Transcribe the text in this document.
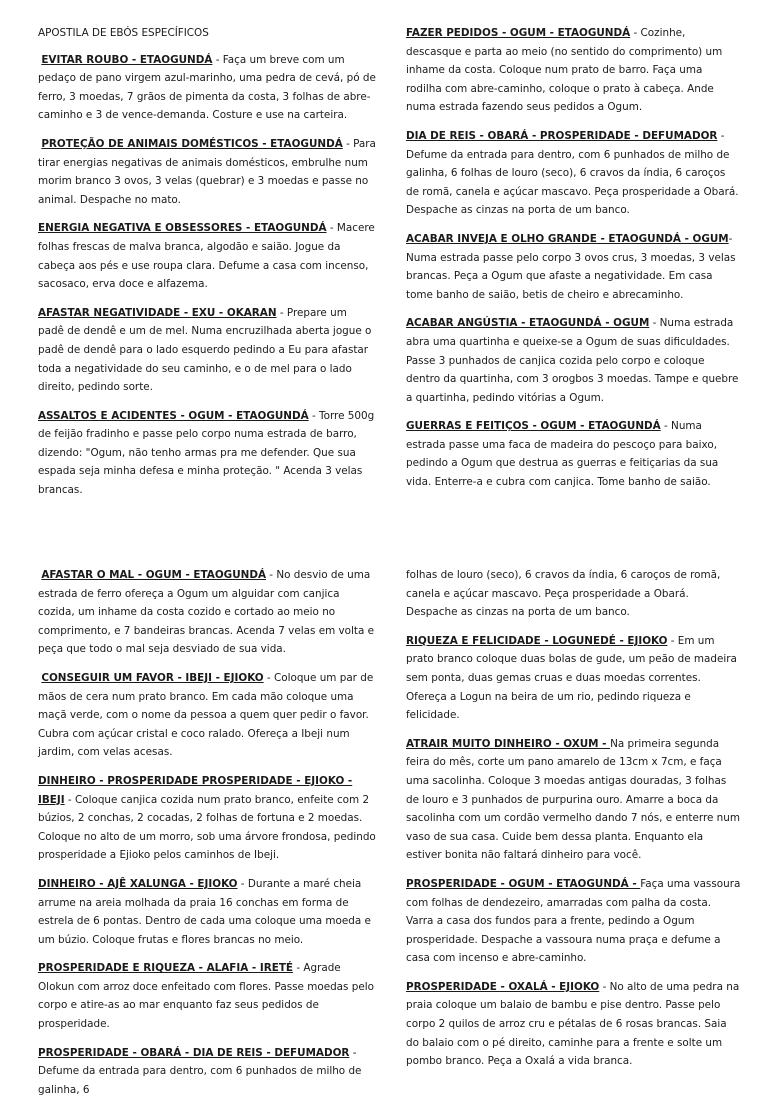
APOSTILA DE EBÓS ESPECÍFICOS
EVITAR ROUBO - ETAOGUNDÁ - Faça um breve com um pedaço de pano virgem azul-marinho, uma pedra de cevá, pó de ferro, 3 moedas, 7 grãos de pimenta da costa, 3 folhas de abre-caminho e 3 de vence-demanda. Costure e use na carteira.
PROTEÇÃO DE ANIMAIS DOMÉSTICOS - ETAOGUNDÁ - Para tirar energias negativas de animais domésticos, embrulhe num morim branco 3 ovos, 3 velas (quebrar) e 3 moedas e passe no animal. Despache no mato.
ENERGIA NEGATIVA E OBSESSORES - ETAOGUNDÁ - Macere folhas frescas de malva branca, algodão e saião. Jogue da cabeça aos pés e use roupa clara. Defume a casa com incenso, sacosaco, erva doce e alfazema.
AFASTAR NEGATIVIDADE - EXU - OKARAN - Prepare um padê de dendê e um de mel. Numa encruzilhada aberta jogue o padê de dendê para o lado esquerdo pedindo a Eu para afastar toda a negatividade do seu caminho, e o de mel para o lado direito, pedindo sorte.
ASSALTOS E ACIDENTES - OGUM - ETAOGUNDÁ - Torre 500g de feijão fradinho e passe pelo corpo numa estrada de barro, dizendo: "Ogum, não tenho armas pra me defender. Que sua espada seja minha defesa e minha proteção. " Acenda 3 velas brancas.
FAZER PEDIDOS - OGUM - ETAOGUNDÁ - Cozinhe, descasque e parta ao meio (no sentido do comprimento) um inhame da costa. Coloque num prato de barro. Faça uma rodilha com abre-caminho, coloque o prato à cabeça. Ande numa estrada fazendo seus pedidos a Ogum.
DIA DE REIS - OBARÁ - PROSPERIDADE - DEFUMADOR - Defume da entrada para dentro, com 6 punhados de milho de galinha, 6 folhas de louro (seco), 6 cravos da índia, 6 caroços de romã, canela e açúcar mascavo. Peça prosperidade a Obará. Despache as cinzas na porta de um banco.
ACABAR INVEJA E OLHO GRANDE - ETAOGUNDÁ - OGUM- Numa estrada passe pelo corpo 3 ovos crus, 3 moedas, 3 velas brancas. Peça a Ogum que afaste a negatividade. Em casa tome banho de saião, betis de cheiro e abrecaminho.
ACABAR ANGÚSTIA - ETAOGUNDÁ - OGUM - Numa estrada abra uma quartinha e queixe-se a Ogum de suas dificuldades. Passe 3 punhados de canjica cozida pelo corpo e coloque dentro da quartinha, com 3 orogbos 3 moedas. Tampe e quebre a quartinha, pedindo vitórias a Ogum.
GUERRAS E FEITIÇOS - OGUM - ETAOGUNDÁ - Numa estrada passe uma faca de madeira do pescoço para baixo, pedindo a Ogum que destrua as guerras e feitiçarias da sua vida. Enterre-a e cubra com canjica. Tome banho de saião.
AFASTAR O MAL - OGUM - ETAOGUNDÁ - No desvio de uma estrada de ferro ofereça a Ogum um alguidar com canjica cozida, um inhame da costa cozido e cortado ao meio no comprimento, e 7 bandeiras brancas. Acenda 7 velas em volta e peça que todo o mal seja desviado de sua vida.
CONSEGUIR UM FAVOR - IBEJI - EJIOKO - Coloque um par de mãos de cera num prato branco. Em cada mão coloque uma maçã verde, com o nome da pessoa a quem quer pedir o favor. Cubra com açúcar cristal e coco ralado. Ofereça a Ibeji num jardim, com velas acesas.
DINHEIRO - PROSPERIDADE PROSPERIDADE - EJIOKO - IBEJI - Coloque canjica cozida num prato branco, enfeite com 2 búzios, 2 conchas, 2 cocadas, 2 folhas de fortuna e 2 moedas. Coloque no alto de um morro, sob uma árvore frondosa, pedindo prosperidade a Ejioko pelos caminhos de Ibeji.
DINHEIRO - AJÊ XALUNGA - EJIOKO - Durante a maré cheia arrume na areia molhada da praia 16 conchas em forma de estrela de 6 pontas. Dentro de cada uma coloque uma moeda e um búzio. Coloque frutas e flores brancas no meio.
PROSPERIDADE E RIQUEZA - ALAFIA - IRETÉ - Agrade Olokun com arroz doce enfeitado com flores. Passe moedas pelo corpo e atire-as ao mar enquanto faz seus pedidos de prosperidade.
PROSPERIDADE - OBARÁ - DIA DE REIS - DEFUMADOR - Defume da entrada para dentro, com 6 punhados de milho de galinha, 6
folhas de louro (seco), 6 cravos da índia, 6 caroços de romã, canela e açúcar mascavo. Peça prosperidade a Obará. Despache as cinzas na porta de um banco.
RIQUEZA E FELICIDADE - LOGUNEDÉ - EJIOKO - Em um prato branco coloque duas bolas de gude, um peão de madeira sem ponta, duas gemas cruas e duas moedas correntes. Ofereça a Logun na beira de um rio, pedindo riqueza e felicidade.
ATRAIR MUITO DINHEIRO - OXUM - Na primeira segunda feira do mês, corte um pano amarelo de 13cm x 7cm, e faça uma sacolinha. Coloque 3 moedas antigas douradas, 3 folhas de louro e 3 punhados de purpurina ouro. Amarre a boca da sacolinha com um cordão vermelho dando 7 nós, e enterre num vaso de sua casa. Cuide bem dessa planta. Enquanto ela estiver bonita não faltará dinheiro para você.
PROSPERIDADE - OGUM - ETAOGUNDÁ - Faça uma vassoura com folhas de dendezeiro, amarradas com palha da costa. Varra a casa dos fundos para a frente, pedindo a Ogum prosperidade. Despache a vassoura numa praça e defume a casa com incenso e abre-caminho.
PROSPERIDADE - OXALÁ - EJIOKO - No alto de uma pedra na praia coloque um balaio de bambu e pise dentro. Passe pelo corpo 2 quilos de arroz cru e pétalas de 6 rosas brancas. Saia do balaio com o pé direito, caminhe para a frente e solte um pombo branco. Peça a Oxalá a vida branca.
